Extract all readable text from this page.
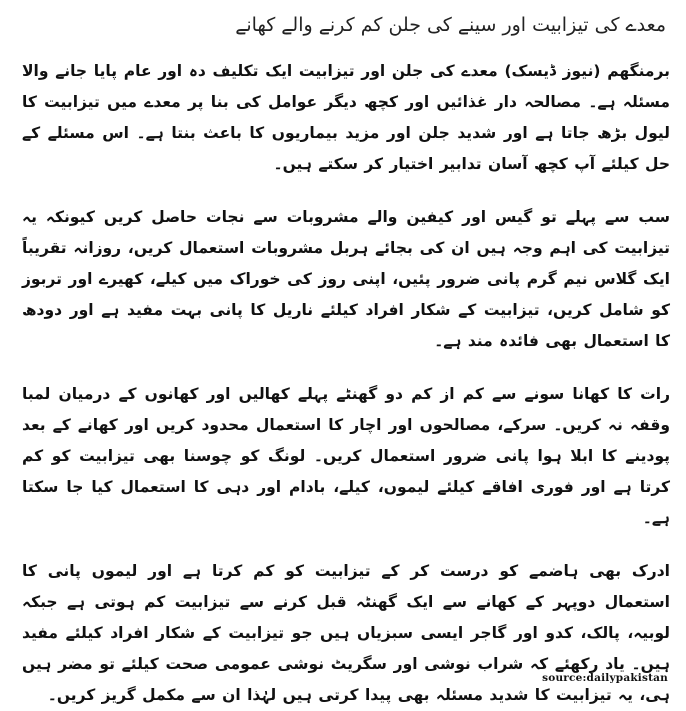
معدے کی تیزابیت اور سینے کی جلن کم کرنے والے کھانے

برمنگھم (نیوز ڈیسک) معدے کی جلن اور تیزابیت ایک تکلیف دہ اور عام پایا جانے والا مسئلہ ہے۔ مصالحہ دار غذائیں اور کچھ دیگر عوامل کی بنا پر معدے میں تیزابیت کا لیول بڑھ جاتا ہے اور شدید جلن اور مزید بیماریوں کا باعث بنتا ہے۔ اس مسئلے کے حل کیلئے آپ کچھ آسان تدابیر اختیار کر سکتے ہیں۔

سب سے پہلے تو گیس اور کیفین والے مشروبات سے نجات حاصل کریں کیونکہ یہ تیزابیت کی اہم وجہ ہیں ان کی بجائے ہربل مشروبات استعمال کریں، روزانہ تقریباً ایک گلاس نیم گرم پانی ضرور پئیں، اپنی روز کی خوراک میں کیلے، کھیرے اور تربوز کو شامل کریں، تیزابیت کے شکار افراد کیلئے ناریل کا پانی بہت مفید ہے اور دودھ کا استعمال بھی فائدہ مند ہے۔

رات کا کھانا سونے سے کم از کم دو گھنٹے پہلے کھالیں اور کھانوں کے درمیان لمبا وقفہ نہ کریں۔ سرکے، مصالحوں اور اچار کا استعمال محدود کریں اور کھانے کے بعد پودینے کا ابلا ہوا پانی ضرور استعمال کریں۔ لونگ کو چوسنا بھی تیزابیت کو کم کرتا ہے اور فوری افاقے کیلئے لیموں، کیلے، بادام اور دہی کا استعمال کیا جا سکتا ہے۔

ادرک بھی ہاضمے کو درست کر کے تیزابیت کو کم کرتا ہے اور لیموں پانی کا استعمال دوپہر کے کھانے سے ایک گھنٹہ قبل کرنے سے تیزابیت کم ہوتی ہے جبکہ لوبیہ، پالک، کدو اور گاجر ایسی سبزیاں ہیں جو تیزابیت کے شکار افراد کیلئے مفید ہیں۔ یاد رکھئے کہ شراب نوشی اور سگریٹ نوشی عمومی صحت کیلئے تو مضر ہیں ہی، یہ تیزابیت کا شدید مسئلہ بھی پیدا کرتی ہیں لہٰذا ان سے مکمل گریز کریں۔

source:dailypakistan
